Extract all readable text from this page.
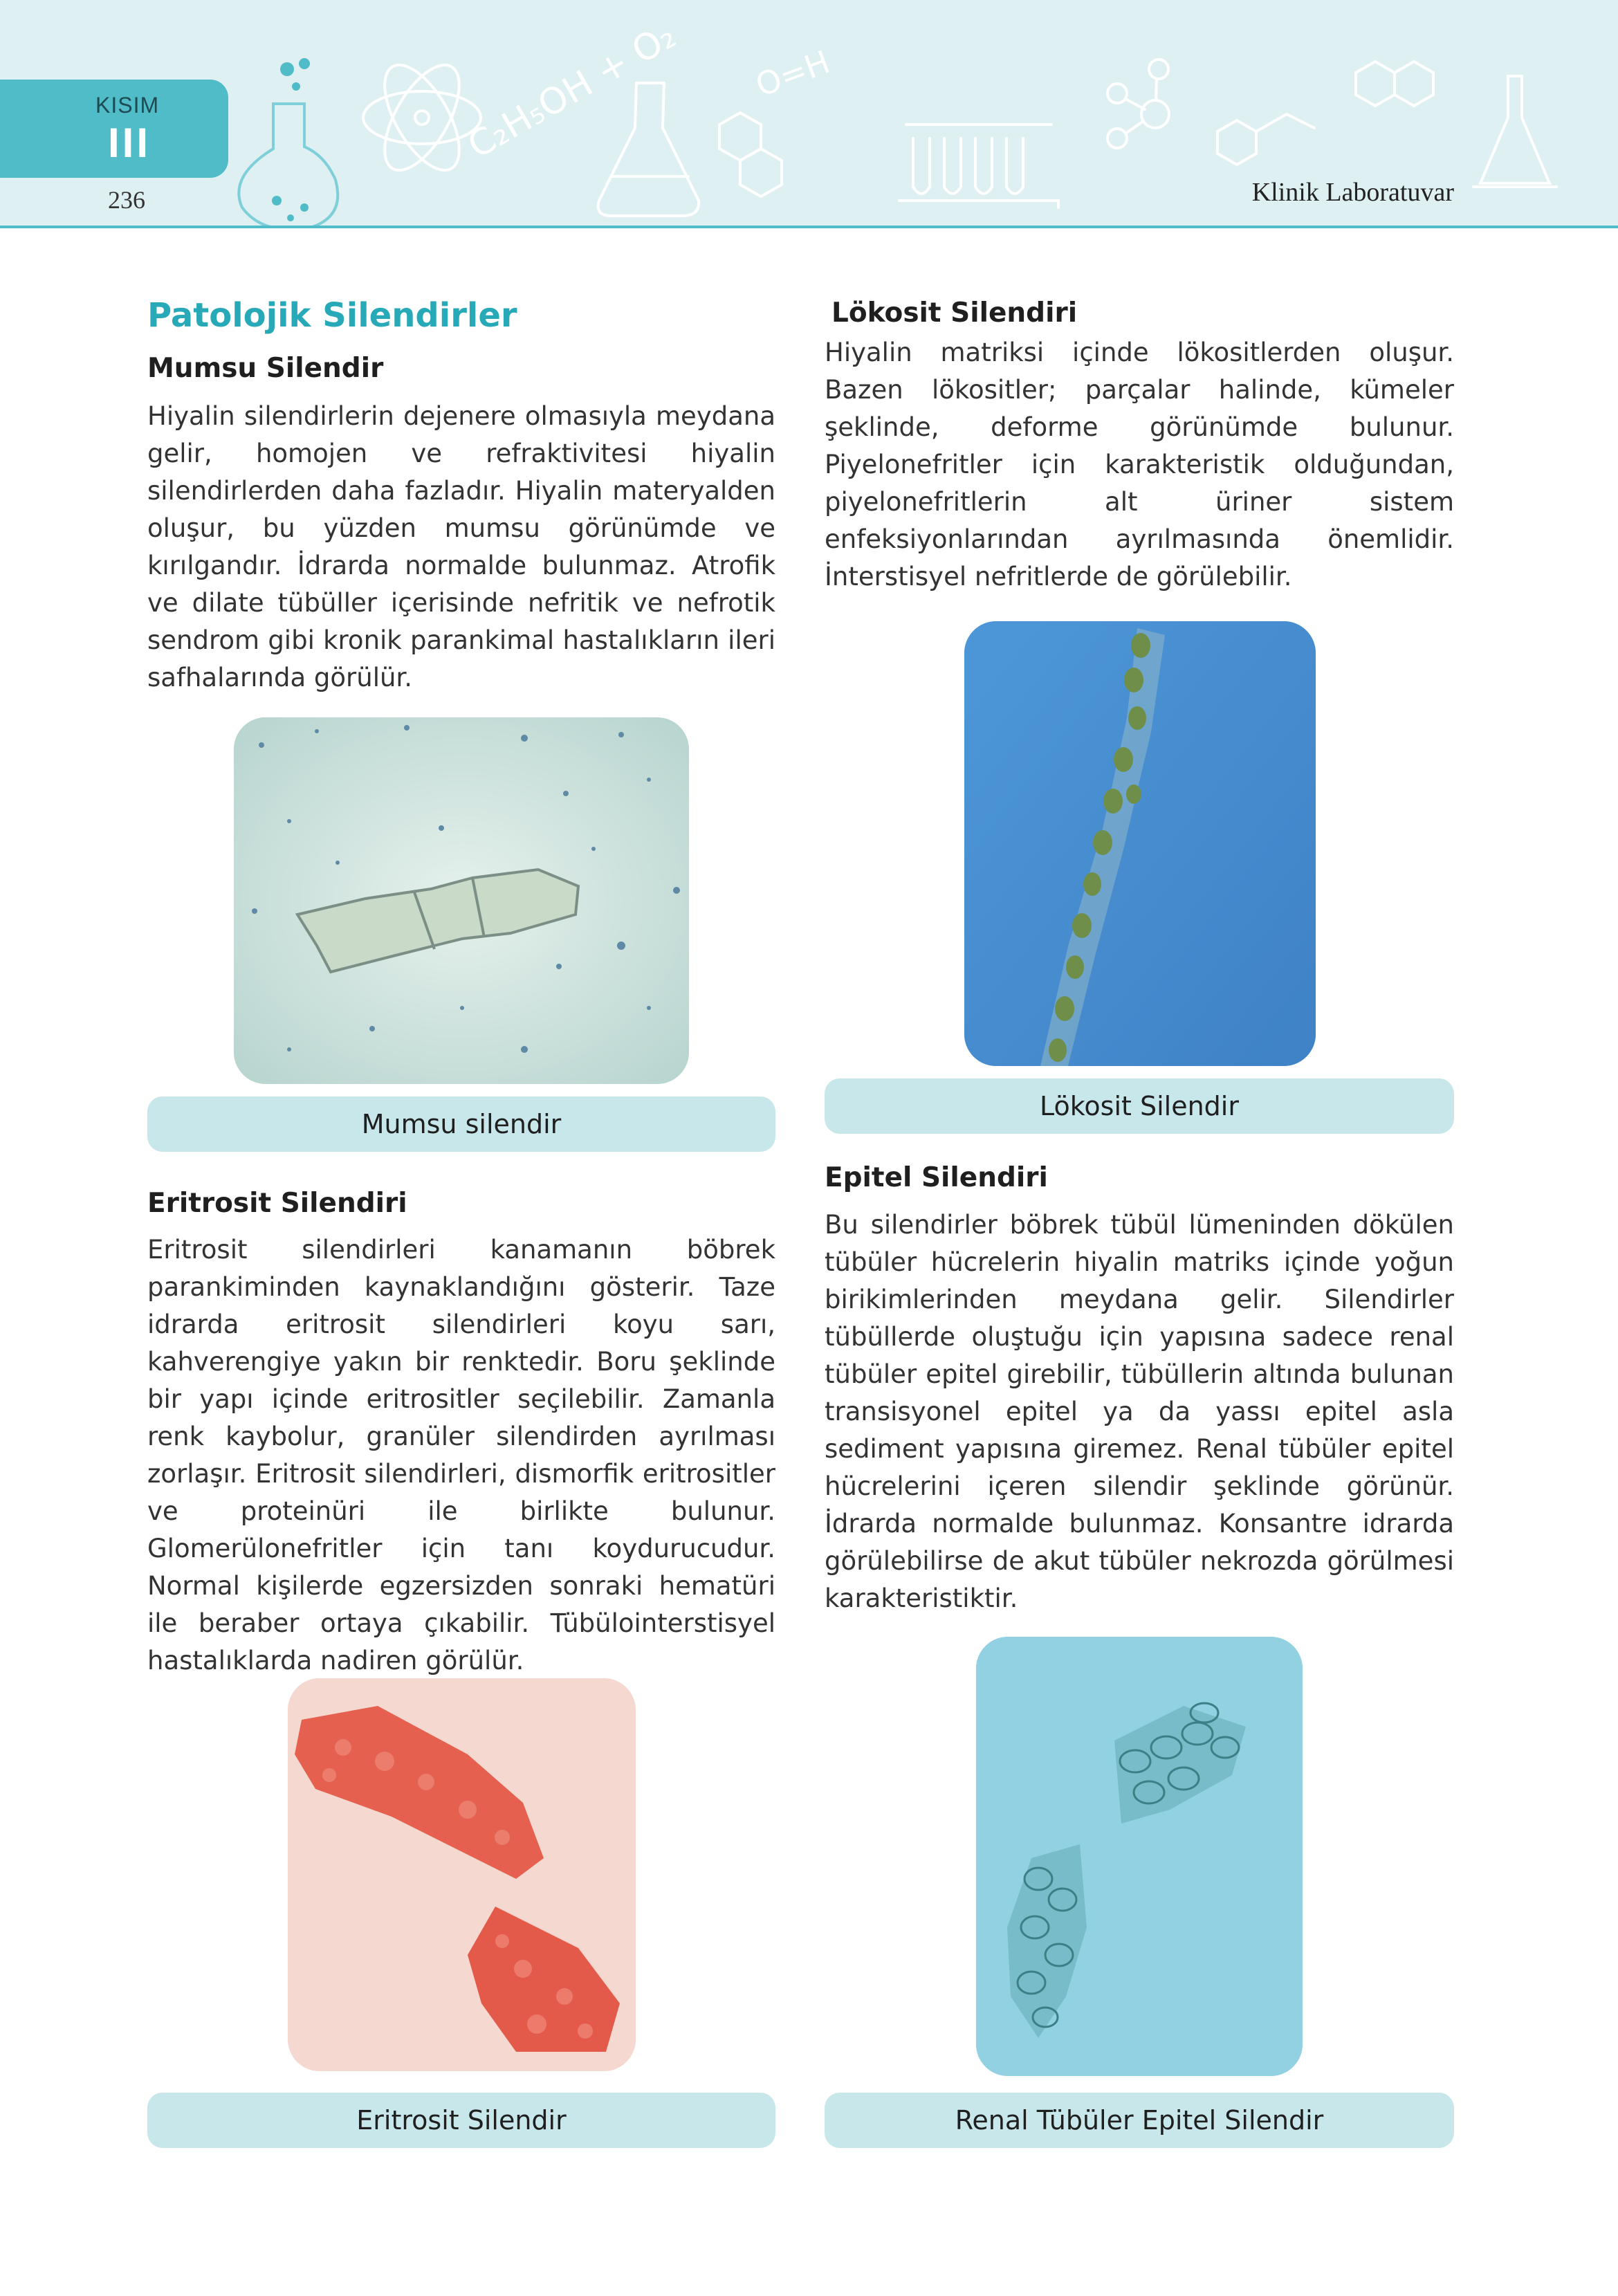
C₂H₅OH + O₂ O=H
KISIM
III
236	Klinik Laboratuvar
Patolojik Silendirler
Mumsu Silendir

Hiyalin silendirlerin dejenere olmasıyla meydana gelir, homojen ve refraktivitesi hiyalin silendirlerden daha fazladır. Hiyalin materyalden oluşur, bu yüzden mumsu görünümde ve kırılgandır. İdrarda normalde bulunmaz. Atrofik ve dilate tübüller içerisinde nefritik ve nefrotik sendrom gibi kronik parankimal hastalıkların ileri safhalarında görülür.

Mumsu silendir
Eritrosit Silendiri

Eritrosit silendirleri kanamanın böbrek parankiminden kaynaklandığını gösterir. Taze idrarda eritrosit silendirleri koyu sarı, kahverengiye yakın bir renktedir. Boru şeklinde bir yapı içinde eritrositler seçilebilir. Zamanla renk kaybolur, granüler silendirden ayrılması zorlaşır. Eritrosit silendirleri, dismorfik eritrositler ve proteinüri ile birlikte bulunur. Glomerülonefritler için tanı koydurucudur. Normal kişilerde egzersizden sonraki hematüri ile beraber ortaya çıkabilir. Tübülointerstisyel hastalıklarda nadiren görülür.

Eritrosit Silendir
Lökosit Silendiri

Hiyalin matriksi içinde lökositlerden oluşur. Bazen lökositler; parçalar halinde, kümeler şeklinde, deforme görünümde bulunur. Piyelonefritler için karakteristik olduğundan, piyelonefritlerin alt üriner sistem enfeksiyonlarından ayrılmasında önemlidir. İnterstisyel nefritlerde de görülebilir.

Lökosit Silendir
Epitel Silendiri

Bu silendirler böbrek tübül lümeninden dökülen tübüler hücrelerin hiyalin matriks içinde yoğun birikimlerinden meydana gelir. Silendirler tübüllerde oluştuğu için yapısına sadece renal tübüler epitel girebilir, tübüllerin altında bulunan transisyonel epitel ya da yassı epitel asla sediment yapısına giremez. Renal tübüler epitel hücrelerini içeren silendir şeklinde görünür. İdrarda normalde bulunmaz. Konsantre idrarda görülebilirse de akut tübüler nekrozda görülmesi karakteristiktir.

Renal Tübüler Epitel Silendir
